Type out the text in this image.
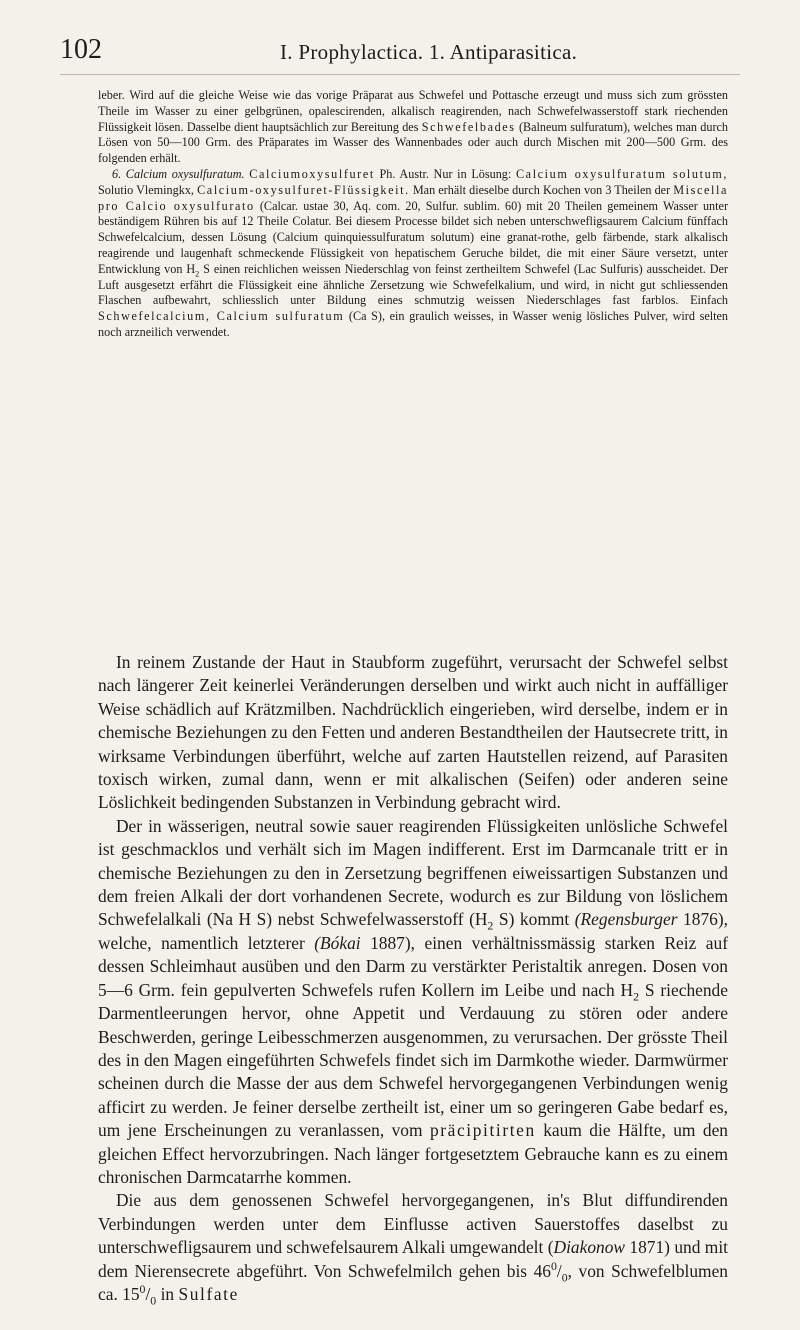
102	I. Prophylactica. 1. Antiparasitica.

leber. Wird auf die gleiche Weise wie das vorige Präparat aus Schwefel und Pottasche erzeugt und muss sich zum grössten Theile im Wasser zu einer gelbgrünen, opalescirenden, alkalisch reagirenden, nach Schwefelwasserstoff stark riechenden Flüssigkeit lösen. Dasselbe dient hauptsächlich zur Bereitung des Schwefelbades (Balneum sulfuratum), welches man durch Lösen von 50—100 Grm. des Präparates im Wasser des Wannenbades oder auch durch Mischen mit 200—500 Grm. des folgenden erhält.

6. Calcium oxysulfuratum. Calciumoxysulfuret Ph. Austr. Nur in Lösung: Calcium oxysulfuratum solutum, Solutio Vlemingkx, Calcium-oxysulfuret-Flüssigkeit. Man erhält dieselbe durch Kochen von 3 Theilen der Miscella pro Calcio oxysulfurato (Calcar. ustae 30, Aq. com. 20, Sulfur. sublim. 60) mit 20 Theilen gemeinem Wasser unter beständigem Rühren bis auf 12 Theile Colatur. Bei diesem Processe bildet sich neben unterschwefligsaurem Calcium fünffach Schwefelcalcium, dessen Lösung (Calcium quinquiessulfuratum solutum) eine granat-rothe, gelb färbende, stark alkalisch reagirende und laugenhaft schmeckende Flüssigkeit von hepatischem Geruche bildet, die mit einer Säure versetzt, unter Entwicklung von $H_2$ S einen reichlichen weissen Niederschlag von feinst zertheiltem Schwefel (Lac Sulfuris) ausscheidet. Der Luft ausgesetzt erfährt die Flüssigkeit eine ähnliche Zersetzung wie Schwefelkalium, und wird, in nicht gut schliessenden Flaschen aufbewahrt, schliesslich unter Bildung eines schmutzig weissen Niederschlages fast farblos. Einfach Schwefelcalcium, Calcium sulfuratum (Ca S), ein graulich weisses, in Wasser wenig lösliches Pulver, wird selten noch arzneilich verwendet.

In reinem Zustande der Haut in Staubform zugeführt, verursacht der Schwefel selbst nach längerer Zeit keinerlei Veränderungen derselben und wirkt auch nicht in auffälliger Weise schädlich auf Krätzmilben. Nachdrücklich eingerieben, wird derselbe, indem er in chemische Beziehungen zu den Fetten und anderen Bestandtheilen der Hautsecrete tritt, in wirksame Verbindungen überführt, welche auf zarten Hautstellen reizend, auf Parasiten toxisch wirken, zumal dann, wenn er mit alkalischen (Seifen) oder anderen seine Löslichkeit bedingenden Substanzen in Verbindung gebracht wird.

Der in wässerigen, neutral sowie sauer reagirenden Flüssigkeiten unlösliche Schwefel ist geschmacklos und verhält sich im Magen indifferent. Erst im Darmcanale tritt er in chemische Beziehungen zu den in Zersetzung begriffenen eiweissartigen Substanzen und dem freien Alkali der dort vorhandenen Secrete, wodurch es zur Bildung von löslichem Schwefelalkali (Na H S) nebst Schwefelwasserstoff ($H_2$ S) kommt (Regensburger 1876), welche, namentlich letzterer (Bókai 1887), einen verhältnissmässig starken Reiz auf dessen Schleimhaut ausüben und den Darm zu verstärkter Peristaltik anregen. Dosen von 5—6 Grm. fein gepulverten Schwefels rufen Kollern im Leibe und nach $H_2$ S riechende Darmentleerungen hervor, ohne Appetit und Verdauung zu stören oder andere Beschwerden, geringe Leibesschmerzen ausgenommen, zu verursachen. Der grösste Theil des in den Magen eingeführten Schwefels findet sich im Darmkothe wieder. Darmwürmer scheinen durch die Masse der aus dem Schwefel hervorgegangenen Verbindungen wenig afficirt zu werden. Je feiner derselbe zertheilt ist, einer um so geringeren Gabe bedarf es, um jene Erscheinungen zu veranlassen, vom präcipitirten kaum die Hälfte, um den gleichen Effect hervorzubringen. Nach länger fortgesetztem Gebrauche kann es zu einem chronischen Darmcatarrhe kommen.

Die aus dem genossenen Schwefel hervorgegangenen, in's Blut diffundirenden Verbindungen werden unter dem Einflusse activen Sauerstoffes daselbst zu unterschwefligsaurem und schwefelsaurem Alkali umgewandelt (Diakonow 1871) und mit dem Nierensecrete abgeführt. Von Schwefelmilch gehen bis $46^0/_0$, von Schwefelblumen ca. $15^0/_0$ in Sulfate
